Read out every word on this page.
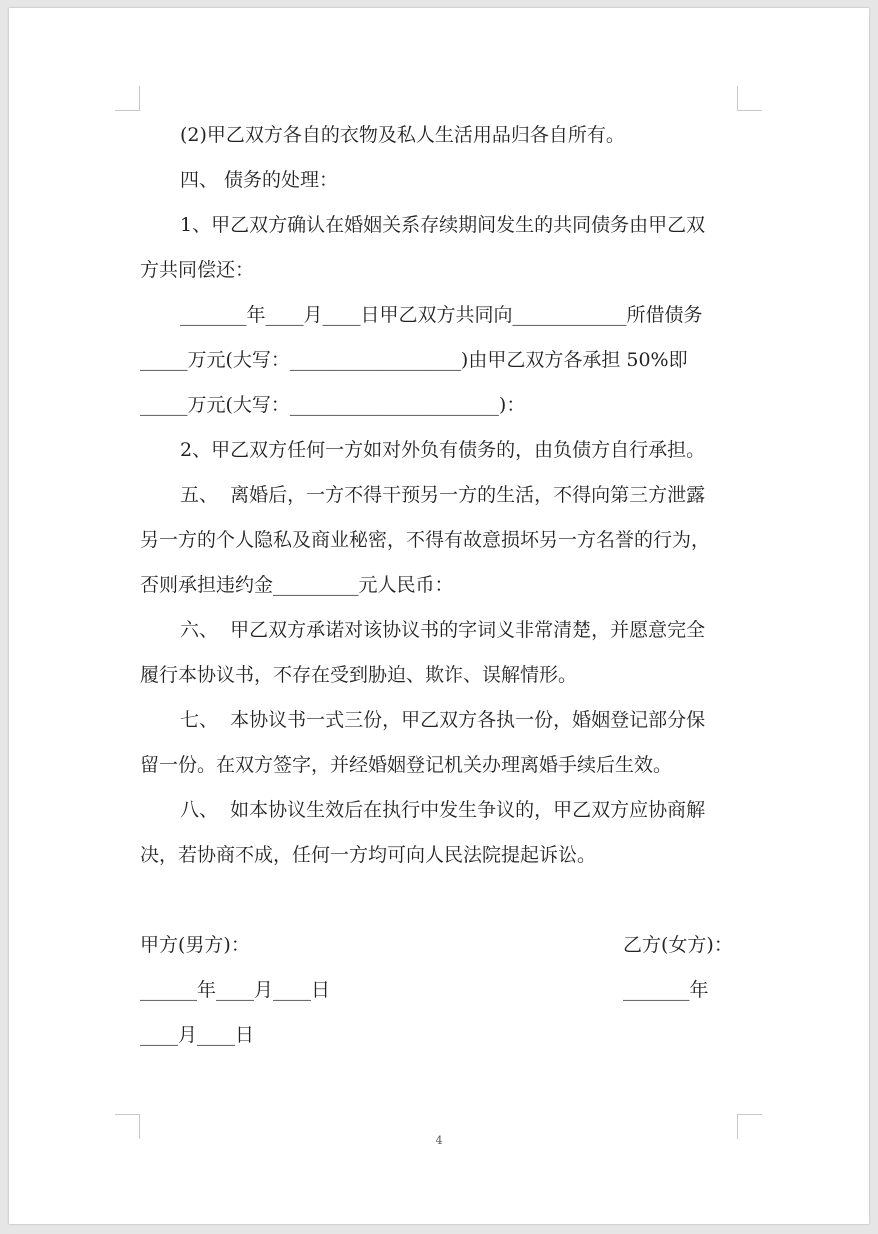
(2)甲乙双方各自的衣物及私人生活用品归各自所有。
四、 债务的处理：
1、甲乙双方确认在婚姻关系存续期间发生的共同债务由甲乙双
方共同偿还：
_______年____月____日甲乙双方共同向____________所借债务
_____万元(大写：__________________)由甲乙双方各承担 50%即
_____万元(大写：______________________)：
2、甲乙双方任何一方如对外负有债务的，由负债方自行承担。
五、  离婚后，一方不得干预另一方的生活，不得向第三方泄露
另一方的个人隐私及商业秘密，不得有故意损坏另一方名誉的行为，
否则承担违约金_________元人民币：
六、  甲乙双方承诺对该协议书的字词义非常清楚，并愿意完全
履行本协议书，不存在受到胁迫、欺诈、误解情形。
七、  本协议书一式三份，甲乙双方各执一份，婚姻登记部分保
留一份。在双方签字，并经婚姻登记机关办理离婚手续后生效。
八、  如本协议生效后在执行中发生争议的，甲乙双方应协商解
决，若协商不成，任何一方均可向人民法院提起诉讼。
甲方(男方)：	乙方(女方)：
______年____月____日	_______年
____月____日
4
